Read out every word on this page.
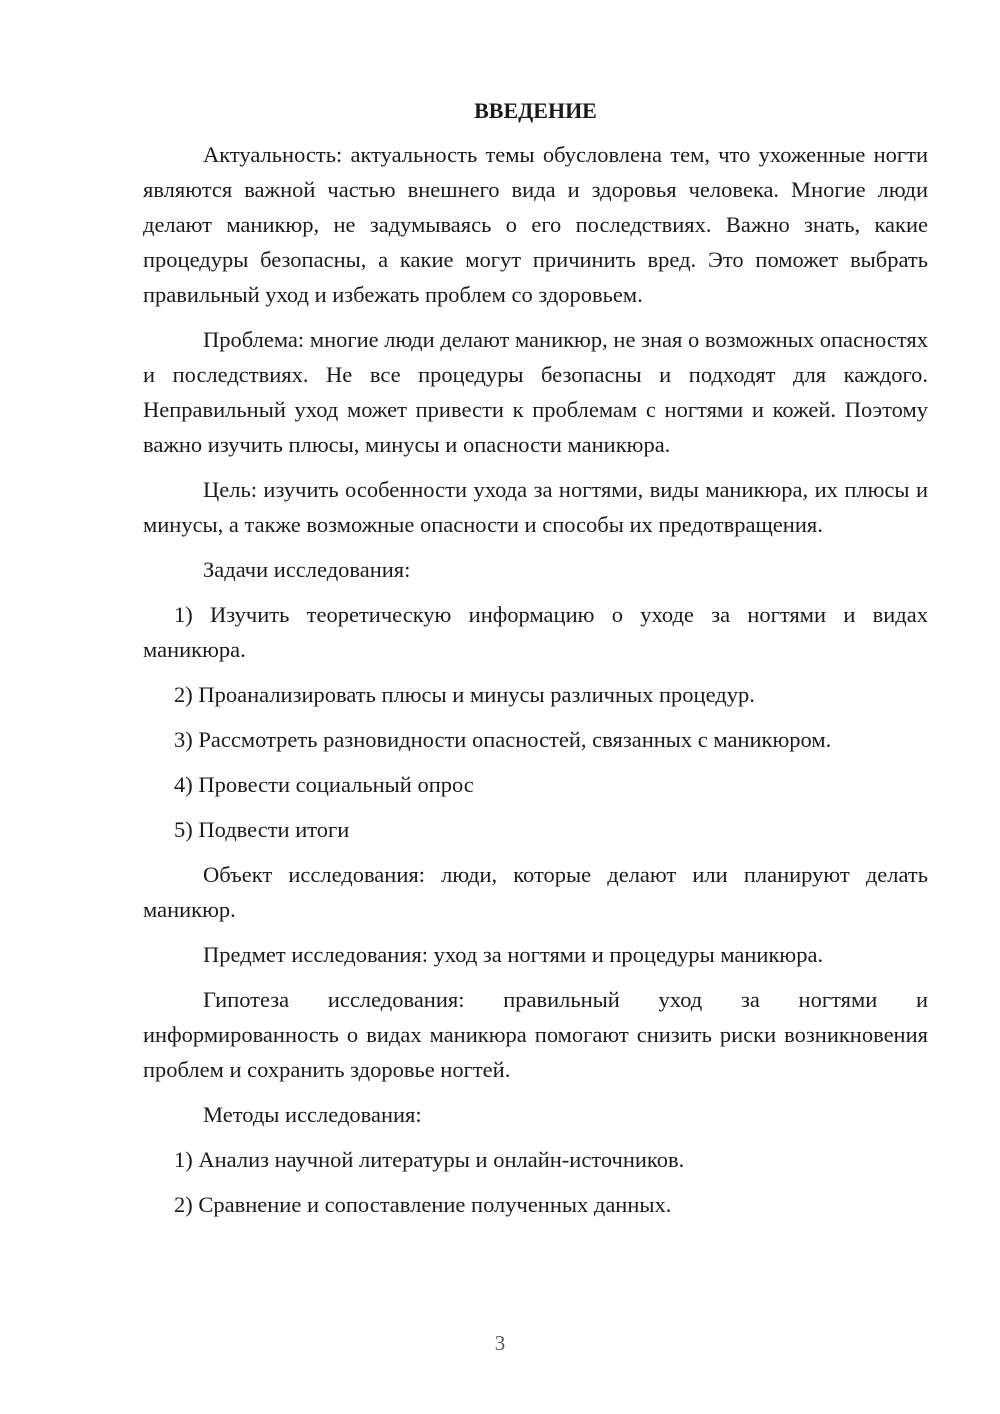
ВВЕДЕНИЕ

Актуальность: актуальность темы обусловлена тем, что ухоженные ногти являются важной частью внешнего вида и здоровья человека. Многие люди делают маникюр, не задумываясь о его последствиях. Важно знать, какие процедуры безопасны, а какие могут причинить вред. Это поможет выбрать правильный уход и избежать проблем со здоровьем.

Проблема: многие люди делают маникюр, не зная о возможных опасностях и последствиях. Не все процедуры безопасны и подходят для каждого. Неправильный уход может привести к проблемам с ногтями и кожей. Поэтому важно изучить плюсы, минусы и опасности маникюра.

Цель: изучить особенности ухода за ногтями, виды маникюра, их плюсы и минусы, а также возможные опасности и способы их предотвращения.

Задачи исследования:

1) Изучить теоретическую информацию о уходе за ногтями и видах маникюра.

2) Проанализировать плюсы и минусы различных процедур.

3) Рассмотреть разновидности опасностей, связанных с маникюром.

4) Провести социальный опрос

5) Подвести итоги

Объект исследования: люди, которые делают или планируют делать маникюр.

Предмет исследования: уход за ногтями и процедуры маникюра.

Гипотеза исследования: правильный уход за ногтями и информированность о видах маникюра помогают снизить риски возникновения проблем и сохранить здоровье ногтей.

Методы исследования:

1) Анализ научной литературы и онлайн-источников.

2) Сравнение и сопоставление полученных данных.

3
